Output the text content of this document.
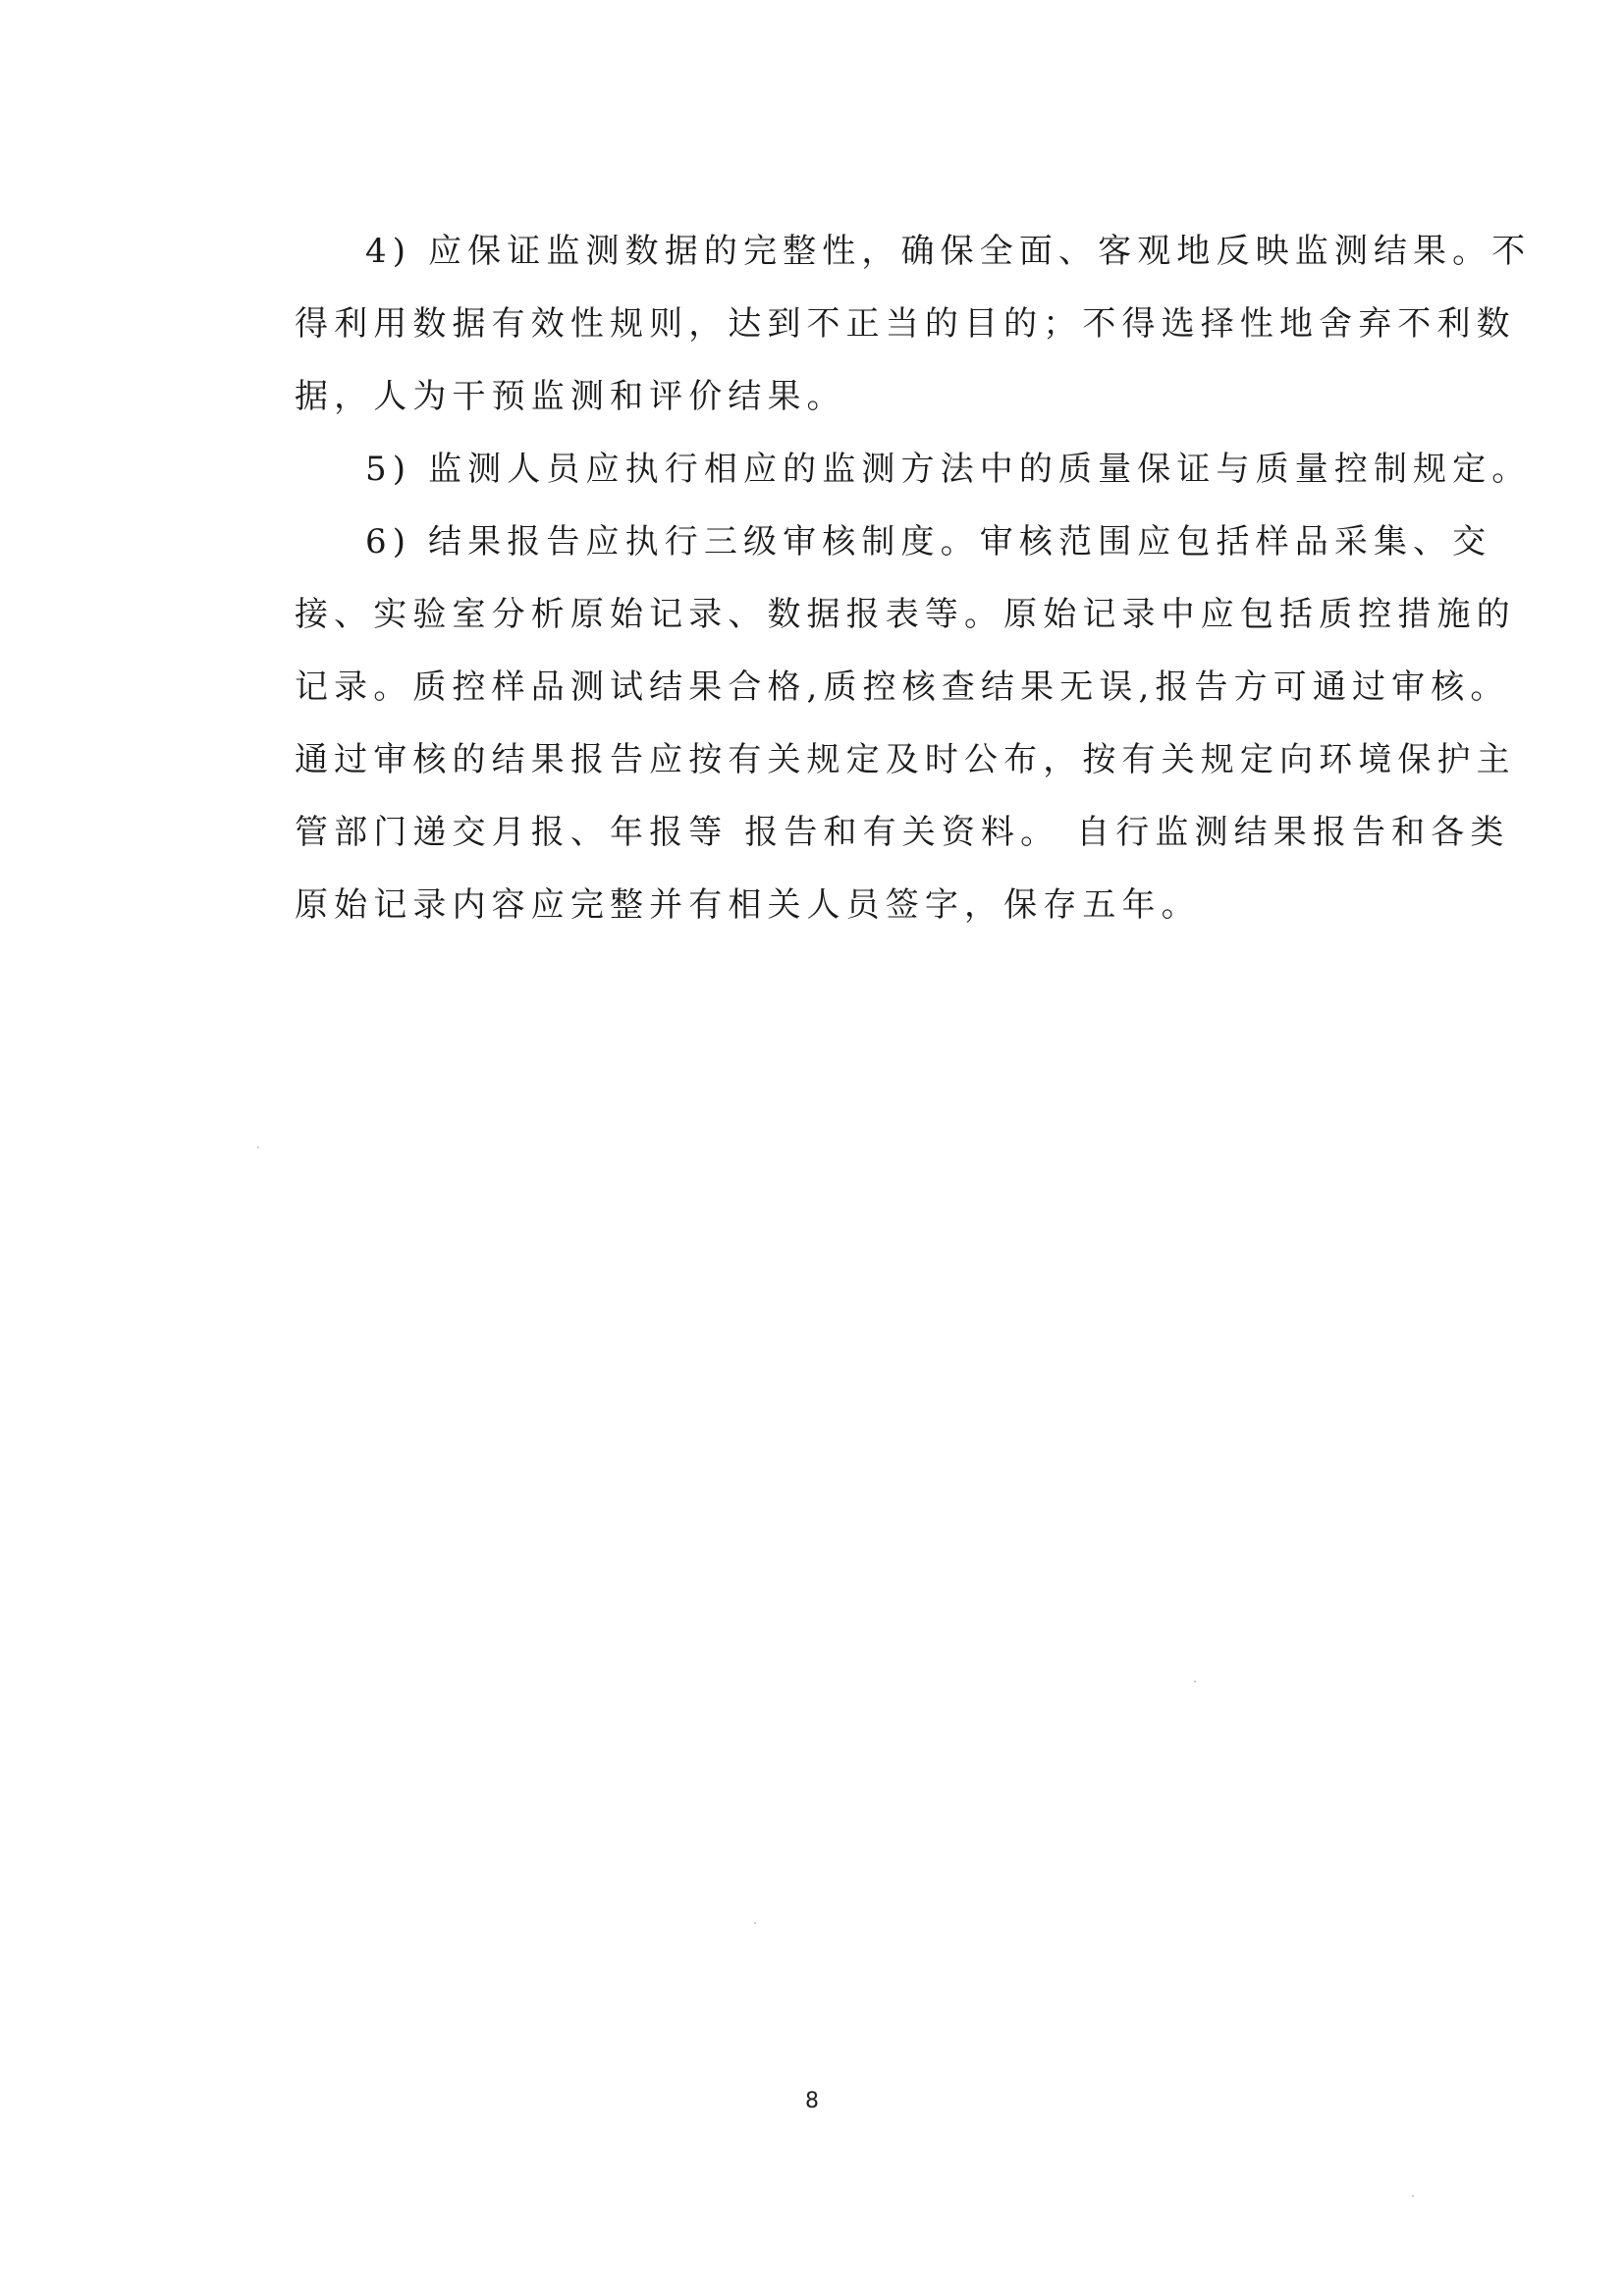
4) 应保证监测数据的完整性，确保全面、客观地反映监测结果。不
得利用数据有效性规则，达到不正当的目的；不得选择性地舍弃不利数
据，人为干预监测和评价结果。
5) 监测人员应执行相应的监测方法中的质量保证与质量控制规定。
6) 结果报告应执行三级审核制度。审核范围应包括样品采集、交
接、实验室分析原始记录、数据报表等。原始记录中应包括质控措施的
记录。质控样品测试结果合格,质控核查结果无误,报告方可通过审核。
通过审核的结果报告应按有关规定及时公布，按有关规定向环境保护主
管部门递交月报、年报等 报告和有关资料。 自行监测结果报告和各类
原始记录内容应完整并有相关人员签字，保存五年。
8
